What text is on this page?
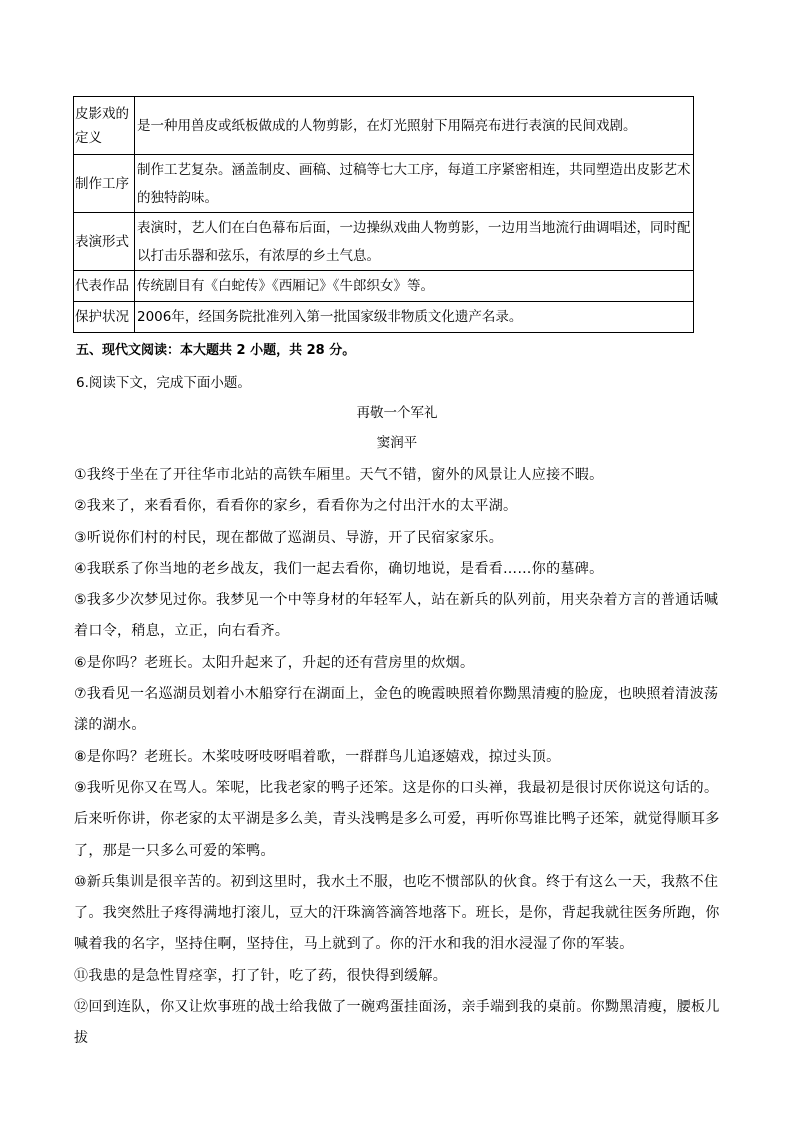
皮影戏的定义	是一种用兽皮或纸板做成的人物剪影，在灯光照射下用隔亮布进行表演的民间戏剧。
制作工序	制作工艺复杂。涵盖制皮、画稿、过稿等七大工序，每道工序紧密相连，共同塑造出皮影艺术的独特韵味。
表演形式	表演时，艺人们在白色幕布后面，一边操纵戏曲人物剪影，一边用当地流行曲调唱述，同时配以打击乐器和弦乐，有浓厚的乡土气息。
代表作品	传统剧目有《白蛇传》《西厢记》《牛郎织女》等。
保护状况	2006年，经国务院批准列入第一批国家级非物质文化遗产名录。
五、现代文阅读：本大题共 2 小题，共 28 分。
6.阅读下文，完成下面小题。
再敬一个军礼
窦润平

①我终于坐在了开往华市北站的高铁车厢里。天气不错，窗外的风景让人应接不暇。

②我来了，来看看你，看看你的家乡，看看你为之付出汗水的太平湖。

③听说你们村的村民，现在都做了巡湖员、导游，开了民宿家家乐。

④我联系了你当地的老乡战友，我们一起去看你，确切地说，是看看……你的墓碑。

⑤我多少次梦见过你。我梦见一个中等身材的年轻军人，站在新兵的队列前，用夹杂着方言的普通话喊着口令，稍息，立正，向右看齐。

⑥是你吗？老班长。太阳升起来了，升起的还有营房里的炊烟。

⑦我看见一名巡湖员划着小木船穿行在湖面上，金色的晚霞映照着你黝黑清瘦的脸庞，也映照着清波荡漾的湖水。

⑧是你吗？老班长。木桨吱呀吱呀唱着歌，一群群鸟儿追逐嬉戏，掠过头顶。

⑨我听见你又在骂人。笨呢，比我老家的鸭子还笨。这是你的口头禅，我最初是很讨厌你说这句话的。后来听你讲，你老家的太平湖是多么美，青头浅鸭是多么可爱，再听你骂谁比鸭子还笨，就觉得顺耳多了，那是一只多么可爱的笨鸭。

⑩新兵集训是很辛苦的。初到这里时，我水土不服，也吃不惯部队的伙食。终于有这么一天，我熬不住了。我突然肚子疼得满地打滚儿，豆大的汗珠滴答滴答地落下。班长，是你，背起我就往医务所跑，你喊着我的名字，坚持住啊，坚持住，马上就到了。你的汗水和我的泪水浸湿了你的军装。

⑪我患的是急性胃痉挛，打了针，吃了药，很快得到缓解。

⑫回到连队，你又让炊事班的战士给我做了一碗鸡蛋挂面汤，亲手端到我的桌前。你黝黑清瘦，腰板儿拔
